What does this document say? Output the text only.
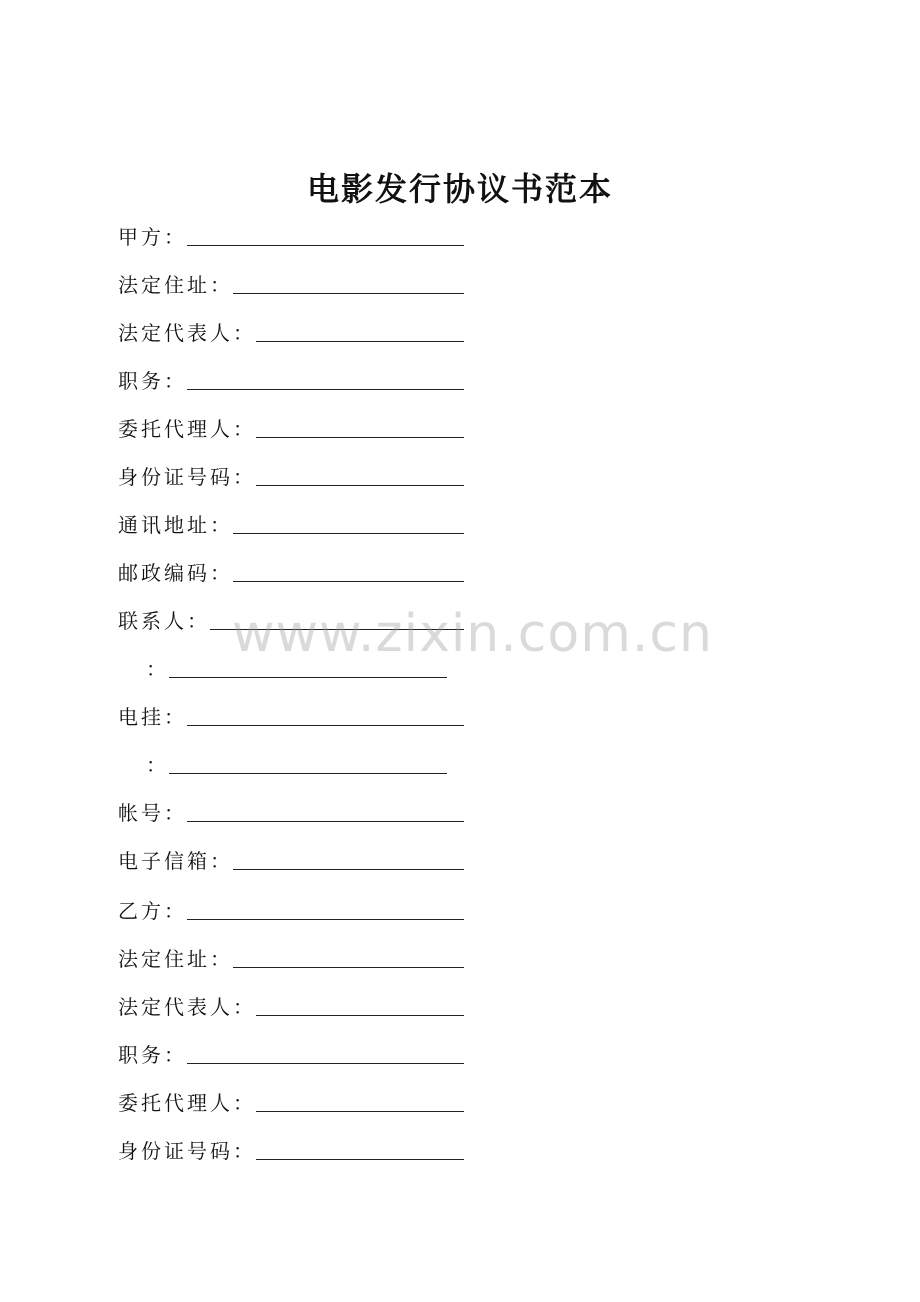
电影发行协议书范本
甲方：
法定住址：
法定代表人：
职务：
委托代理人：
身份证号码：
通讯地址：
邮政编码：
联系人：
：
电挂：
：
帐号：
电子信箱：
乙方：
法定住址：
法定代表人：
职务：
委托代理人：
身份证号码：
www.zixin.com.cn
